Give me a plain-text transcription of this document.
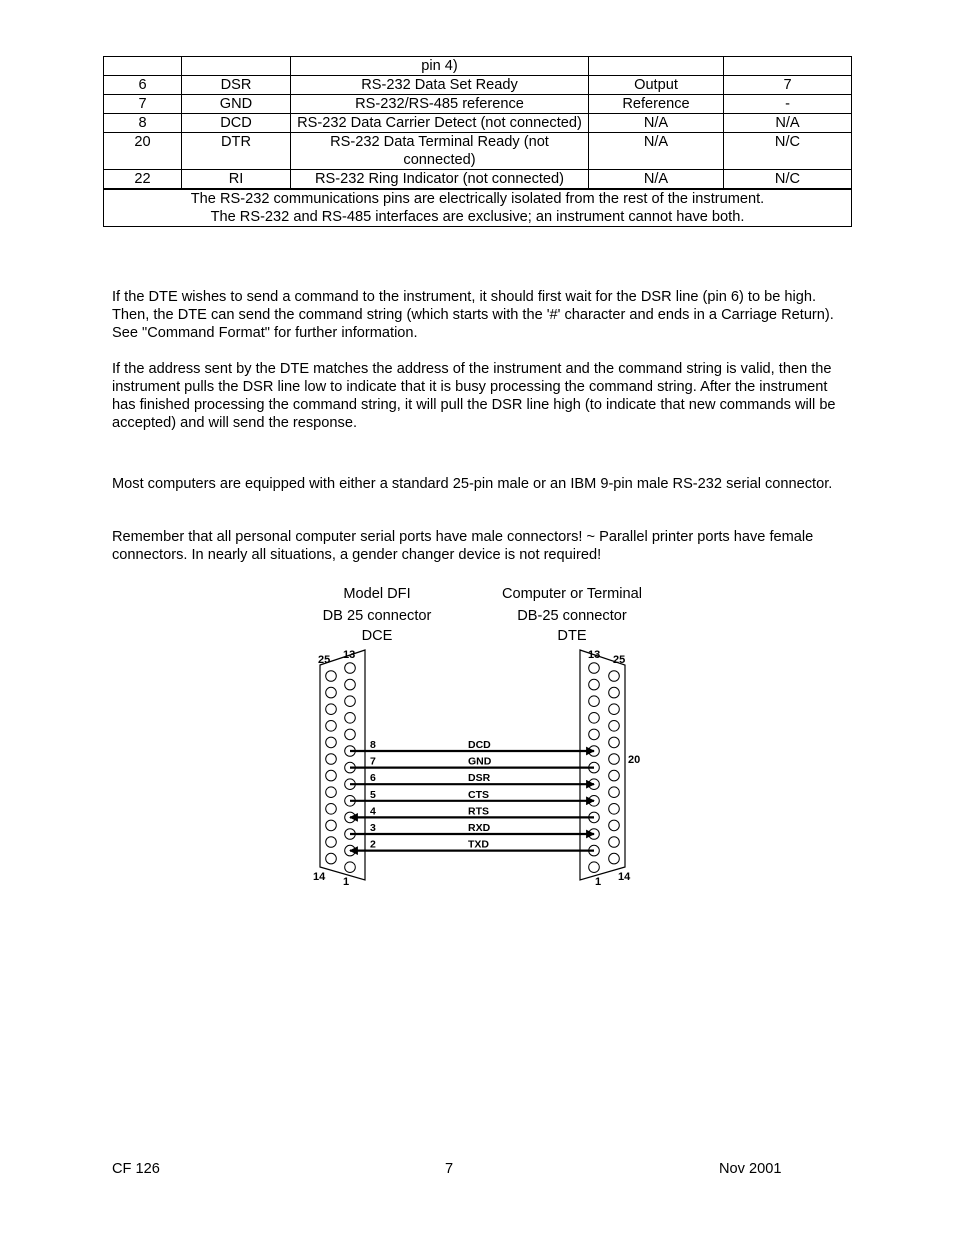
		pin 4)		
6	DSR	RS-232 Data Set Ready	Output	7
7	GND	RS-232/RS-485 reference	Reference	-
8	DCD	RS-232 Data Carrier Detect (not connected)	N/A	N/A
20	DTR	RS-232 Data Terminal Ready (not connected)	N/A	N/C
22	RI	RS-232 Ring Indicator (not connected)	N/A	N/C

The RS-232 communications pins are electrically isolated from the rest of the instrument.
The RS-232 and RS-485 interfaces are exclusive; an instrument cannot have both.				

If the DTE wishes to send a command to the instrument, it should first wait for the DSR line (pin 6) to be high. Then, the DTE can send the command string (which starts with the '#' character and ends in a Carriage Return). See "Command Format" for further information.

If the address sent by the DTE matches the address of the instrument and the command string is valid, then the instrument pulls the DSR line low to indicate that it is busy processing the command string. After the instrument has finished processing the command string, it will pull the DSR line high (to indicate that new commands will be accepted) and will send the response.

Most computers are equipped with either a standard 25-pin male or an IBM 9-pin male RS-232 serial connector.

Remember that all personal computer serial ports have male connectors! ~ Parallel printer ports have female connectors. In nearly all situations, a gender changer device is not required!

Model DFI
DB 25 connector
DCE
Computer or Terminal
DB-25 connector
DTE
8	DCD
7	GND
6	DSR
5	CTS
4	RTS
3	RXD
2	TXD
25 13
14 1
13 25
1 14
20
CF 126	7	Nov 2001
